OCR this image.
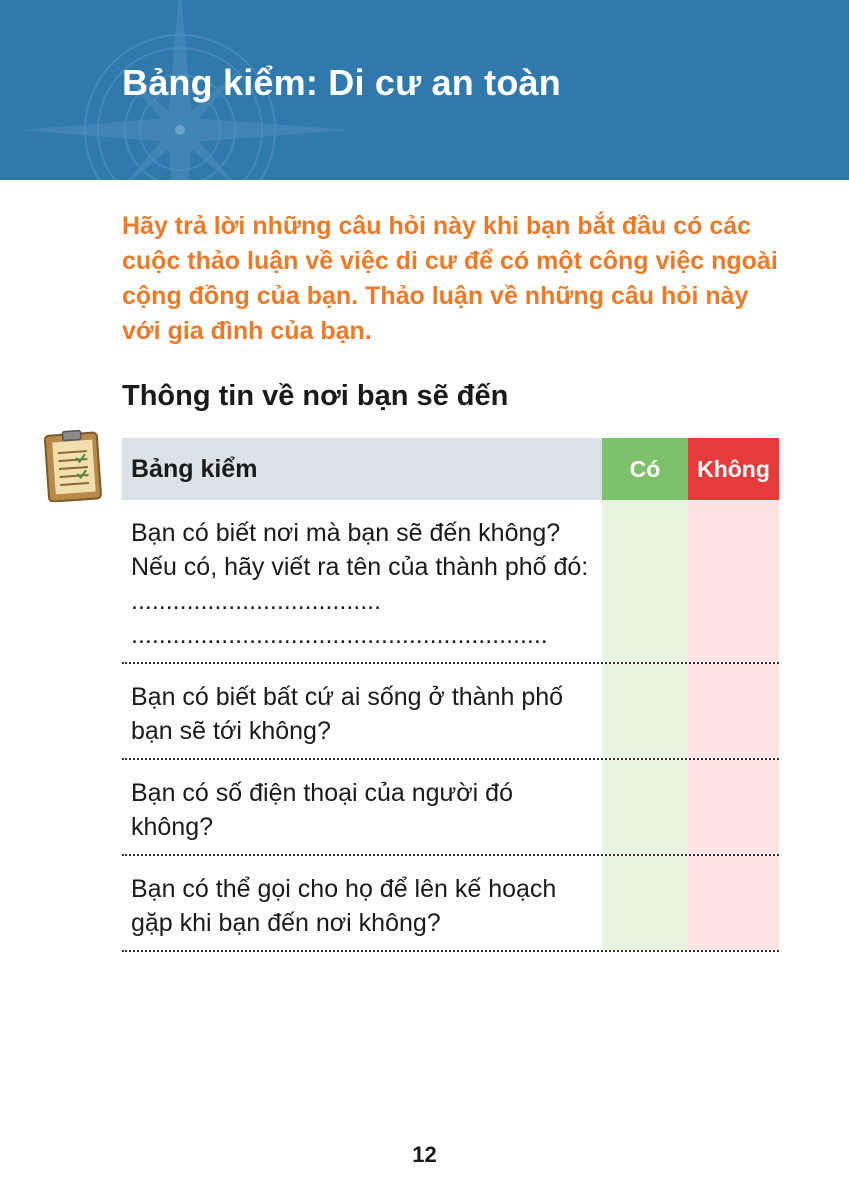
Bảng kiểm: Di cư an toàn

Hãy trả lời những câu hỏi này khi bạn bắt đầu có các cuộc thảo luận về việc di cư để có một công việc ngoài cộng đồng của bạn. Thảo luận về những câu hỏi này với gia đình của bạn.

Thông tin về nơi bạn sẽ đến
Bảng kiểm	Có	Không
Bạn có biết nơi mà bạn sẽ đến không? Nếu có, hãy viết ra tên của thành phố đó: ....................................
............................................................
Bạn có biết bất cứ ai sống ở thành phố bạn sẽ tới không?
Bạn có số điện thoại của người đó không?
Bạn có thể gọi cho họ để lên kế hoạch gặp khi bạn đến nơi không?
12
